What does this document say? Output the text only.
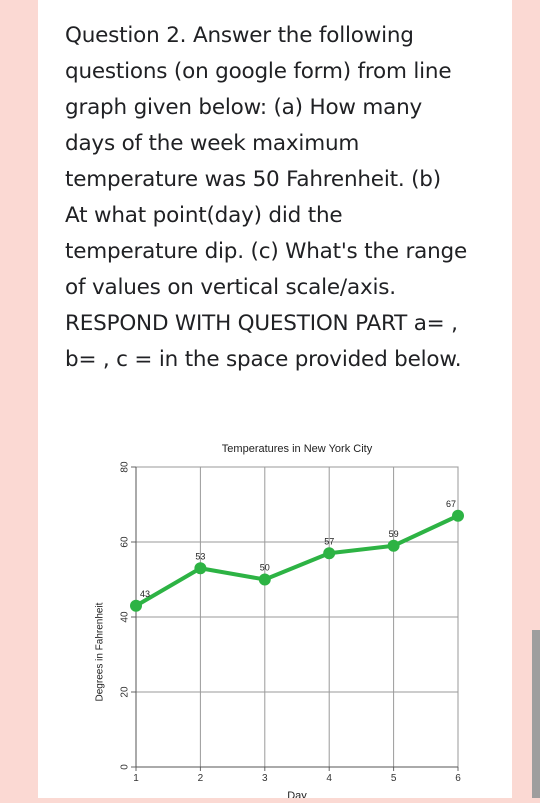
Question 2. Answer the following
questions (on google form) from line
graph given below: (a) How many
days of the week maximum
temperature was 50 Fahrenheit. (b)
At what point(day) did the
temperature dip. (c) What's the range
of values on vertical scale/axis.
RESPOND WITH QUESTION PART a= ,
b= , c = in the space provided below.

0
20
40
60
80
1	2	3	4	5	6
Temperatures in New York City
Day
Degrees in Fahrenheit
43
53
50
57
59
67
